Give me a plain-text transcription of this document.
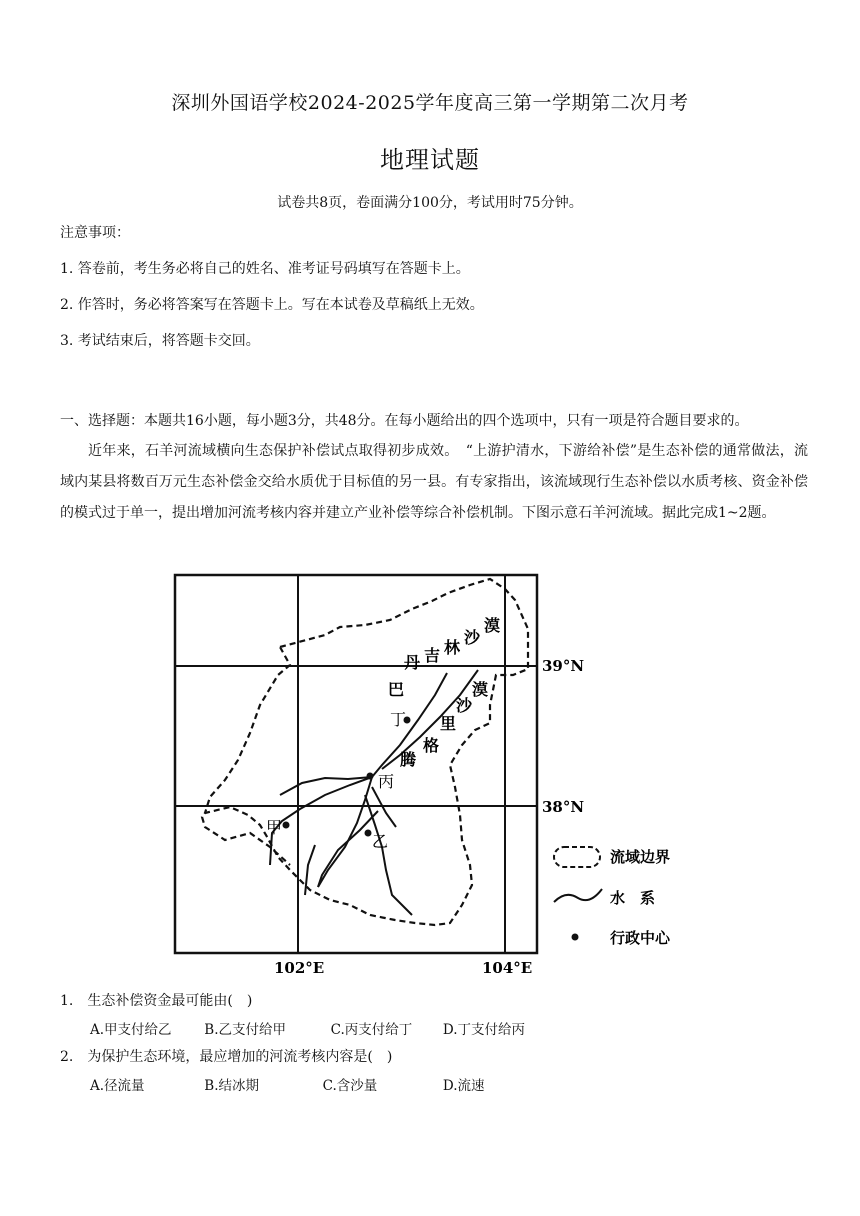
深圳外国语学校2024-2025学年度高三第一学期第二次月考
地理试题
试卷共8页，卷面满分100分，考试用时75分钟。
注意事项：
1. 答卷前，考生务必将自己的姓名、准考证号码填写在答题卡上。
2. 作答时，务必将答案写在答题卡上。写在本试卷及草稿纸上无效。
3. 考试结束后，将答题卡交回。
一、选择题：本题共16小题，每小题3分，共48分。在每小题给出的四个选项中，只有一项是符合题目要求的。
近年来，石羊河流域横向生态保护补偿试点取得初步成效。　“上游护清水，下游给补偿”是生态补偿的通常做法，流域内某县将数百万元生态补偿金交给水质优于目标值的另一县。有专家指出，该流域现行生态补偿以水质考核、资金补偿的模式过于单一，提出增加河流考核内容并建立产业补偿等综合补偿机制。下图示意石羊河流域。据此完成1~2题。
丁
丙
甲
乙
巴
丹 吉 林
沙
漠
腾
格
里
沙
漠
39°N
38°N
102°E	104°E
流域边界
水　系
行政中心
1.　生态补偿资金最可能由(　)
A.甲支付给乙 B.乙支付给甲	C.丙支付给丁 D.丁支付给丙
2.　为保护生态环境，最应增加的河流考核内容是(　)
A.径流量	B.结冰期	C.含沙量	D.流速
